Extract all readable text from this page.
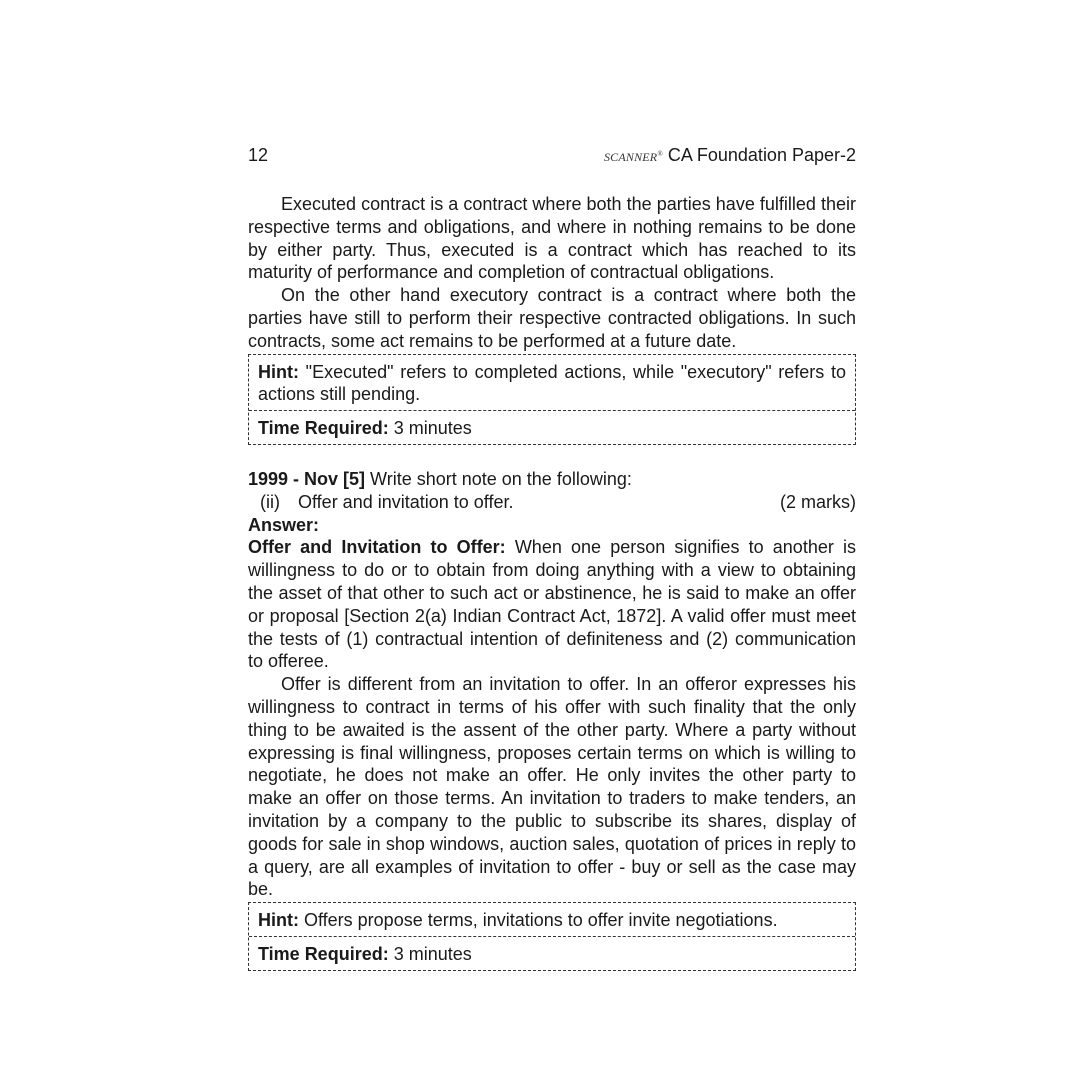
12	SCANNER® CA Foundation Paper-2

Executed contract is a contract where both the parties have fulfilled their respective terms and obligations, and where in nothing remains to be done by either party. Thus, executed is a contract which has reached to its maturity of performance and completion of contractual obligations.

On the other hand executory contract is a contract where both the parties have still to perform their respective contracted obligations. In such contracts, some act remains to be performed at a future date.

Hint: "Executed" refers to completed actions, while "executory" refers to actions still pending.
Time Required: 3 minutes
1999 - Nov [5] Write short note on the following:
(ii)	Offer and invitation to offer.	(2 marks)
Answer:

Offer and Invitation to Offer: When one person signifies to another is willingness to do or to obtain from doing anything with a view to obtaining the asset of that other to such act or abstinence, he is said to make an offer or proposal [Section 2(a) Indian Contract Act, 1872]. A valid offer must meet the tests of (1) contractual intention of definiteness and (2) communication to offeree.

Offer is different from an invitation to offer. In an offeror expresses his willingness to contract in terms of his offer with such finality that the only thing to be awaited is the assent of the other party. Where a party without expressing is final willingness, proposes certain terms on which is willing to negotiate, he does not make an offer. He only invites the other party to make an offer on those terms. An invitation to traders to make tenders, an invitation by a company to the public to subscribe its shares, display of goods for sale in shop windows, auction sales, quotation of prices in reply to a query, are all examples of invitation to offer - buy or sell as the case may be.

Hint: Offers propose terms, invitations to offer invite negotiations.
Time Required: 3 minutes
